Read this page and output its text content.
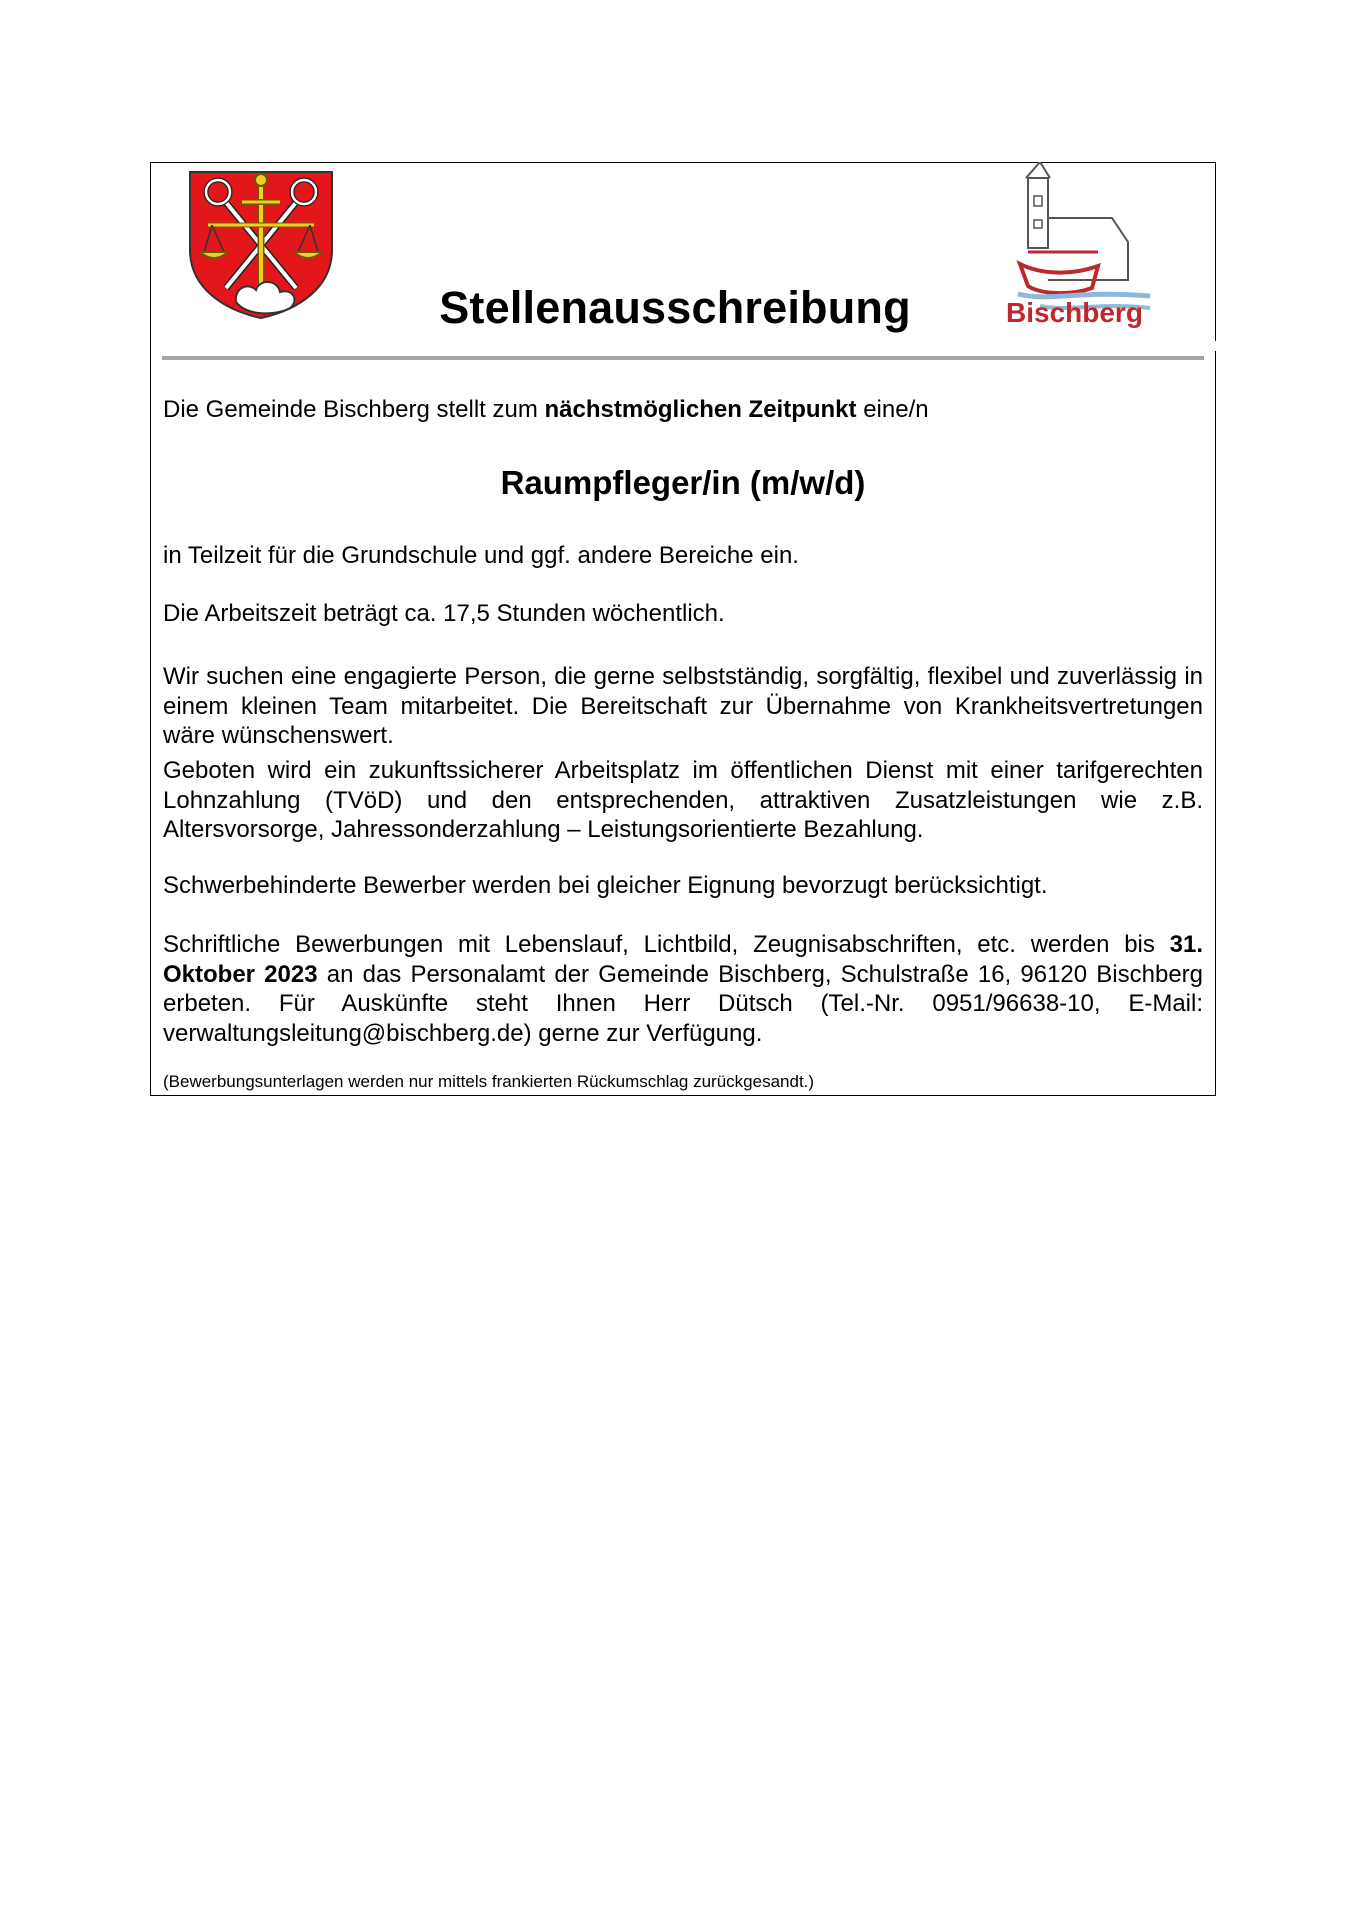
Bischberg
Stellenausschreibung

Die Gemeinde Bischberg stellt zum nächstmöglichen Zeitpunkt eine/n

Raumpfleger/in (m/w/d)

in Teilzeit für die Grundschule und ggf. andere Bereiche ein.

Die Arbeitszeit beträgt ca. 17,5 Stunden wöchentlich.

Wir suchen eine engagierte Person, die gerne selbstständig, sorgfältig, flexibel und zuverlässig in einem kleinen Team mitarbeitet. Die Bereitschaft zur Übernahme von Krankheitsvertretungen wäre wünschenswert.

Geboten wird ein zukunftssicherer Arbeitsplatz im öffentlichen Dienst mit einer tarifgerechten Lohnzahlung (TVöD) und den entsprechenden, attraktiven Zusatzleistungen wie z.B. Altersvorsorge, Jahressonderzahlung – Leistungsorientierte Bezahlung.

Schwerbehinderte Bewerber werden bei gleicher Eignung bevorzugt berücksichtigt.

Schriftliche Bewerbungen mit Lebenslauf, Lichtbild, Zeugnisabschriften, etc. werden bis 31. Oktober 2023 an das Personalamt der Gemeinde Bischberg, Schulstraße 16, 96120 Bischberg erbeten. Für Auskünfte steht Ihnen Herr Dütsch (Tel.-Nr. 0951/96638-10, E-Mail: verwaltungsleitung@bischberg.de) gerne zur Verfügung.

(Bewerbungsunterlagen werden nur mittels frankierten Rückumschlag zurückgesandt.)
